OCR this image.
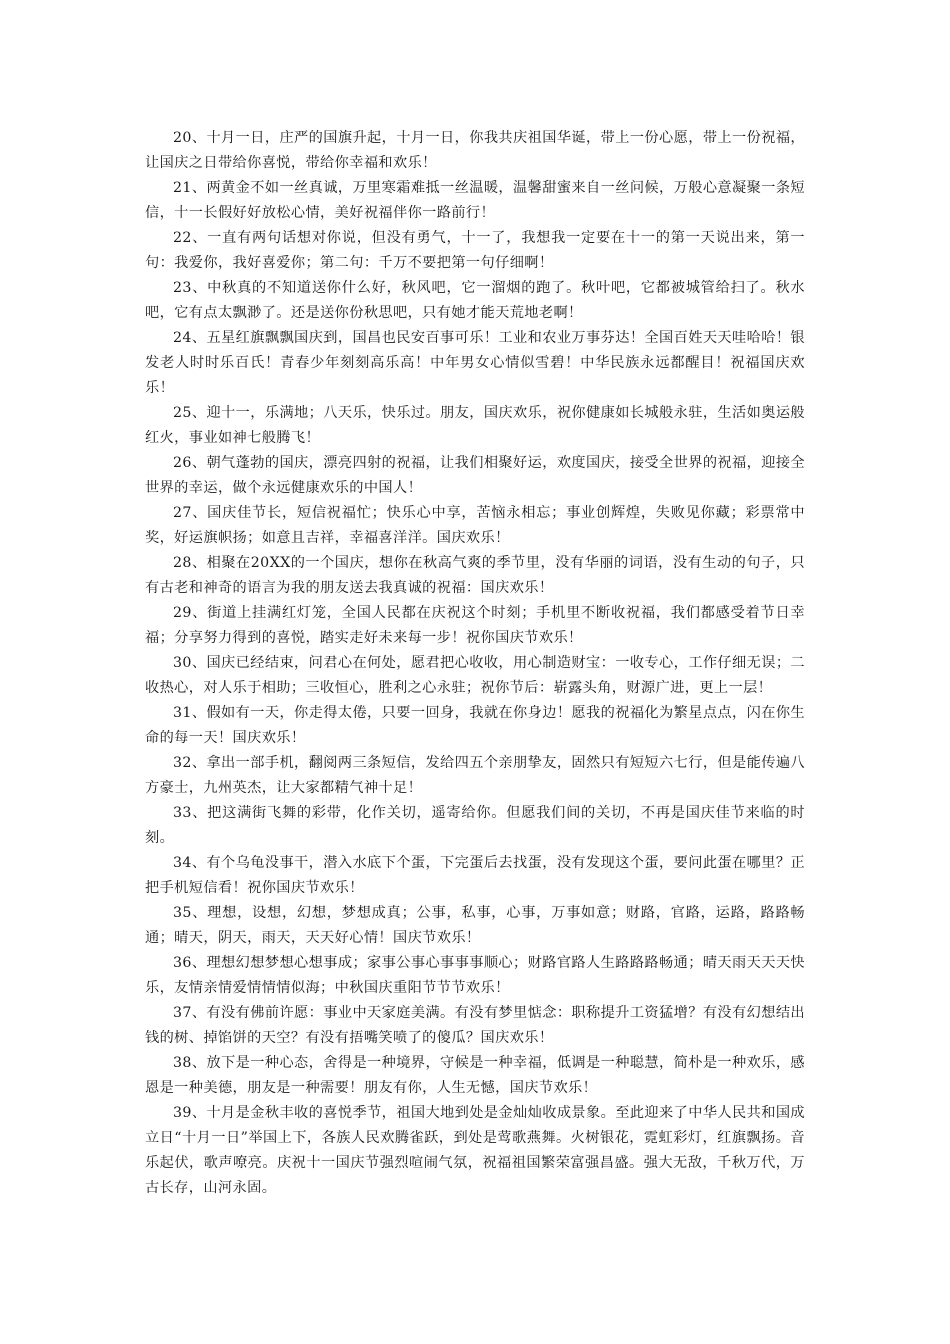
20、十月一日，庄严的国旗升起，十月一日，你我共庆祖国华诞，带上一份心愿，带上一份祝福，让国庆之日带给你喜悦，带给你幸福和欢乐！

21、两黄金不如一丝真诚，万里寒霜难抵一丝温暖，温馨甜蜜来自一丝问候，万般心意凝聚一条短信，十一长假好好放松心情，美好祝福伴你一路前行！

22、一直有两句话想对你说，但没有勇气，十一了，我想我一定要在十一的第一天说出来，第一句：我爱你，我好喜爱你；第二句：千万不要把第一句仔细啊！

23、中秋真的不知道送你什么好，秋风吧，它一溜烟的跑了。秋叶吧，它都被城管给扫了。秋水吧，它有点太飘渺了。还是送你份秋思吧，只有她才能天荒地老啊！

24、五星红旗飘飘国庆到，国昌也民安百事可乐！工业和农业万事芬达！全国百姓天天哇哈哈！银发老人时时乐百氏！青春少年刻刻高乐高！中年男女心情似雪碧！中华民族永远都醒目！祝福国庆欢乐！

25、迎十一，乐满地；八天乐，快乐过。朋友，国庆欢乐，祝你健康如长城般永驻，生活如奥运般红火，事业如神七般腾飞！

26、朝气蓬勃的国庆，漂亮四射的祝福，让我们相聚好运，欢度国庆，接受全世界的祝福，迎接全世界的幸运，做个永远健康欢乐的中国人！

27、国庆佳节长，短信祝福忙；快乐心中享，苦恼永相忘；事业创辉煌，失败见你藏；彩票常中奖，好运旗帜扬；如意且吉祥，幸福喜洋洋。国庆欢乐！

28、相聚在20XX的一个国庆，想你在秋高气爽的季节里，没有华丽的词语，没有生动的句子，只有古老和神奇的语言为我的朋友送去我真诚的祝福：国庆欢乐！

29、街道上挂满红灯笼，全国人民都在庆祝这个时刻；手机里不断收祝福，我们都感受着节日幸福；分享努力得到的喜悦，踏实走好未来每一步！祝你国庆节欢乐！

30、国庆已经结束，问君心在何处，愿君把心收收，用心制造财宝：一收专心，工作仔细无误；二收热心，对人乐于相助；三收恒心，胜利之心永驻；祝你节后：崭露头角，财源广进，更上一层！

31、假如有一天，你走得太倦，只要一回身，我就在你身边！愿我的祝福化为繁星点点，闪在你生命的每一天！国庆欢乐！

32、拿出一部手机，翻阅两三条短信，发给四五个亲朋挚友，固然只有短短六七行，但是能传遍八方豪士，九州英杰，让大家都精气神十足！

33、把这满街飞舞的彩带，化作关切，遥寄给你。但愿我们间的关切，不再是国庆佳节来临的时刻。

34、有个乌龟没事干，潜入水底下个蛋，下完蛋后去找蛋，没有发现这个蛋，要问此蛋在哪里？正把手机短信看！祝你国庆节欢乐！

35、理想，设想，幻想，梦想成真；公事，私事，心事，万事如意；财路，官路，运路，路路畅通；晴天，阴天，雨天，天天好心情！国庆节欢乐！

36、理想幻想梦想心想事成；家事公事心事事事顺心；财路官路人生路路路畅通；晴天雨天天天快乐，友情亲情爱情情情似海；中秋国庆重阳节节节欢乐！

37、有没有佛前许愿：事业中天家庭美满。有没有梦里惦念：职称提升工资猛增？有没有幻想结出钱的树、掉馅饼的天空？有没有捂嘴笑喷了的傻瓜？国庆欢乐！

38、放下是一种心态，舍得是一种境界，守候是一种幸福，低调是一种聪慧，简朴是一种欢乐，感恩是一种美德，朋友是一种需要！朋友有你，人生无憾，国庆节欢乐！

39、十月是金秋丰收的喜悦季节，祖国大地到处是金灿灿收成景象。至此迎来了中华人民共和国成立日“十月一日”举国上下，各族人民欢腾雀跃，到处是莺歌燕舞。火树银花，霓虹彩灯，红旗飘扬。音乐起伏，歌声嘹亮。庆祝十一国庆节强烈喧闹气氛，祝福祖国繁荣富强昌盛。强大无敌，千秋万代，万古长存，山河永固。
